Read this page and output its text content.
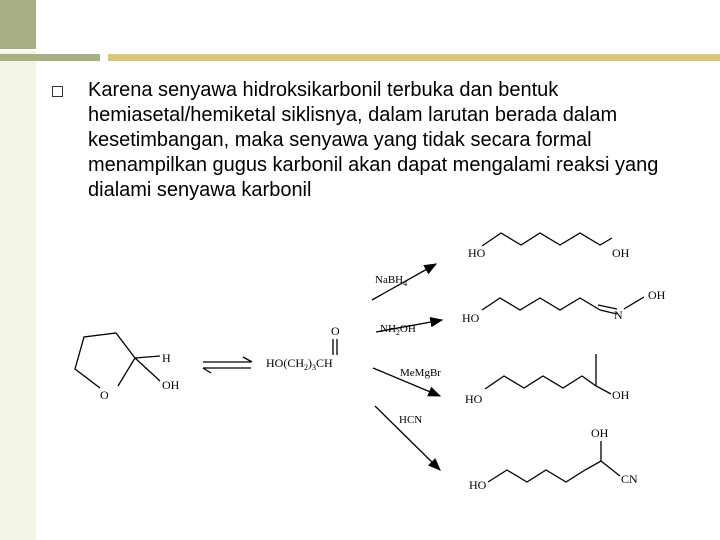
Karena senyawa hidroksikarbonil terbuka dan bentuk hemiasetal/hemiketal siklisnya, dalam larutan berada dalam kesetimbangan, maka senyawa yang tidak secara formal menampilkan gugus karbonil akan dapat mengalami reaksi yang dialami senyawa karbonil
H
OH
O
O
$HO(CH_2)_3CH$
NaBH$_4$
$NH_2OH$
MeMgBr
HCN
HO	OH
HO	N
OH
HO	OH
HO
OH
CN
